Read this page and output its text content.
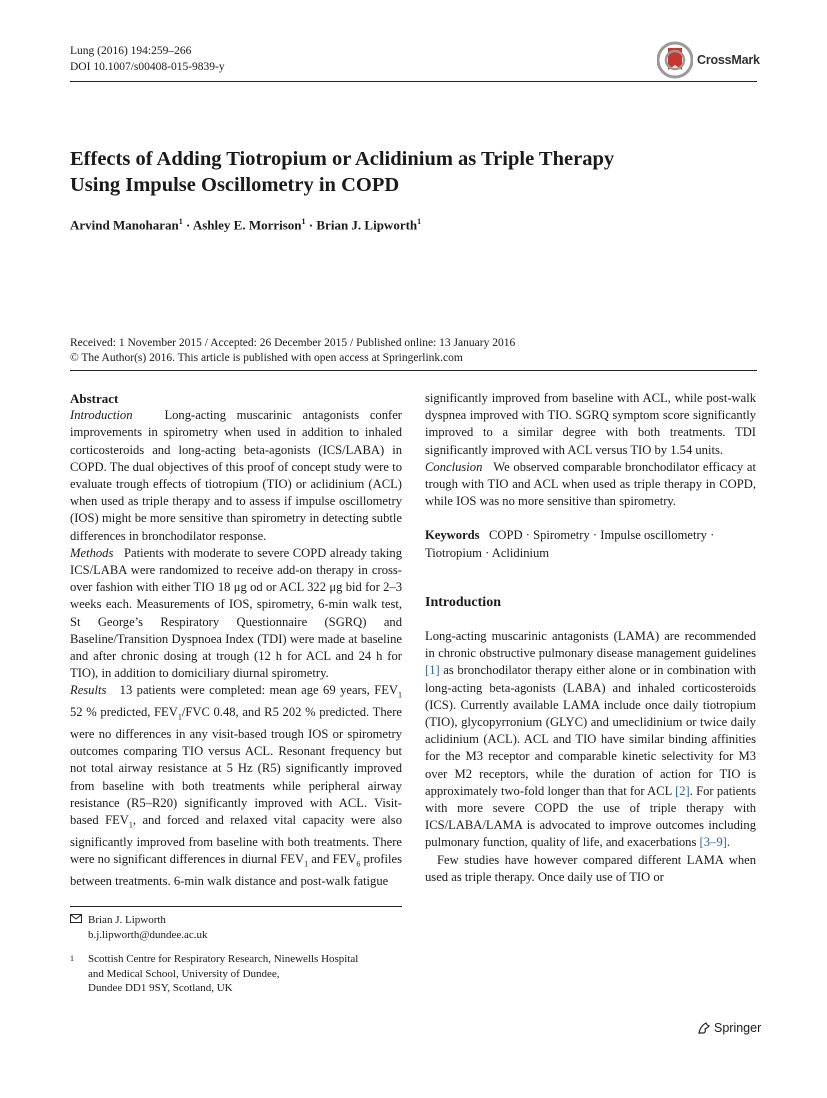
Lung (2016) 194:259–266
DOI 10.1007/s00408-015-9839-y	CrossMark
Effects of Adding Tiotropium or Aclidinium as Triple Therapy
Using Impulse Oscillometry in COPD
Arvind Manoharan$^1$ · Ashley E. Morrison$^1$ · Brian J. Lipworth$^1$
Received: 1 November 2015 / Accepted: 26 December 2015 / Published online: 13 January 2016
© The Author(s) 2016. This article is published with open access at Springerlink.com

Abstract

Introduction	Long-acting muscarinic antagonists confer improvements in spirometry when used in addition to inhaled corticosteroids and long-acting beta-agonists (ICS/LABA) in COPD. The dual objectives of this proof of concept study were to evaluate trough effects of tiotropium (TIO) or aclidinium (ACL) when used as triple therapy and to assess if impulse oscillometry (IOS) might be more sensitive than spirometry in detecting subtle differences in bronchodilator response.

Methods Patients with moderate to severe COPD already taking ICS/LABA were randomized to receive add-on therapy in cross-over fashion with either TIO 18 μg od or ACL 322 μg bid for 2–3 weeks each. Measurements of IOS, spirometry, 6-min walk test, St George’s Respiratory Questionnaire (SGRQ) and Baseline/Transition Dyspnoea Index (TDI) were made at baseline and after chronic dosing at trough (12 h for ACL and 24 h for TIO), in addition to domiciliary diurnal spirometry.

Results 13 patients were completed: mean age 69 years, $FEV_1$ 52 % predicted, $FEV_1$/FVC 0.48, and R5 202 % predicted. There were no differences in any visit-based trough IOS or spirometry outcomes comparing TIO versus ACL. Resonant frequency but not total airway resistance at 5 Hz (R5) significantly improved from baseline with both treatments while peripheral airway resistance (R5–R20) significantly improved with ACL. Visit-based $FEV_1$, and forced and relaxed vital capacity were also significantly improved from baseline with both treatments. There were no significant differences in diurnal $FEV_1$ and $FEV_6$ profiles between treatments. 6-min walk distance and post-walk fatigue

significantly improved from baseline with ACL, while post-walk dyspnea improved with TIO. SGRQ symptom score significantly improved to a similar degree with both treatments. TDI significantly improved with ACL versus TIO by 1.54 units.

Conclusion We observed comparable bronchodilator efficacy at trough with TIO and ACL when used as triple therapy in COPD, while IOS was no more sensitive than spirometry.

Keywords COPD · Spirometry · Impulse oscillometry · Tiotropium · Aclidinium

Introduction

Long-acting muscarinic antagonists (LAMA) are recommended in chronic obstructive pulmonary disease management guidelines [1] as bronchodilator therapy either alone or in combination with long-acting beta-agonists (LABA) and inhaled corticosteroids (ICS). Currently available LAMA include once daily tiotropium (TIO), glycopyrronium (GLYC) and umeclidinium or twice daily aclidinium (ACL). ACL and TIO have similar binding affinities for the M3 receptor and comparable kinetic selectivity for M3 over M2 receptors, while the duration of action for TIO is approximately two-fold longer than that for ACL [2]. For patients with more severe COPD the use of triple therapy with ICS/LABA/LAMA is advocated to improve outcomes including pulmonary function, quality of life, and exacerbations [3–9].

Few studies have however compared different LAMA when used as triple therapy. Once daily use of TIO or

Brian J. Lipworth
b.j.lipworth@dundee.ac.uk
1	Scottish Centre for Respiratory Research, Ninewells Hospital
and Medical School, University of Dundee,
Dundee DD1 9SY, Scotland, UK
Springer
